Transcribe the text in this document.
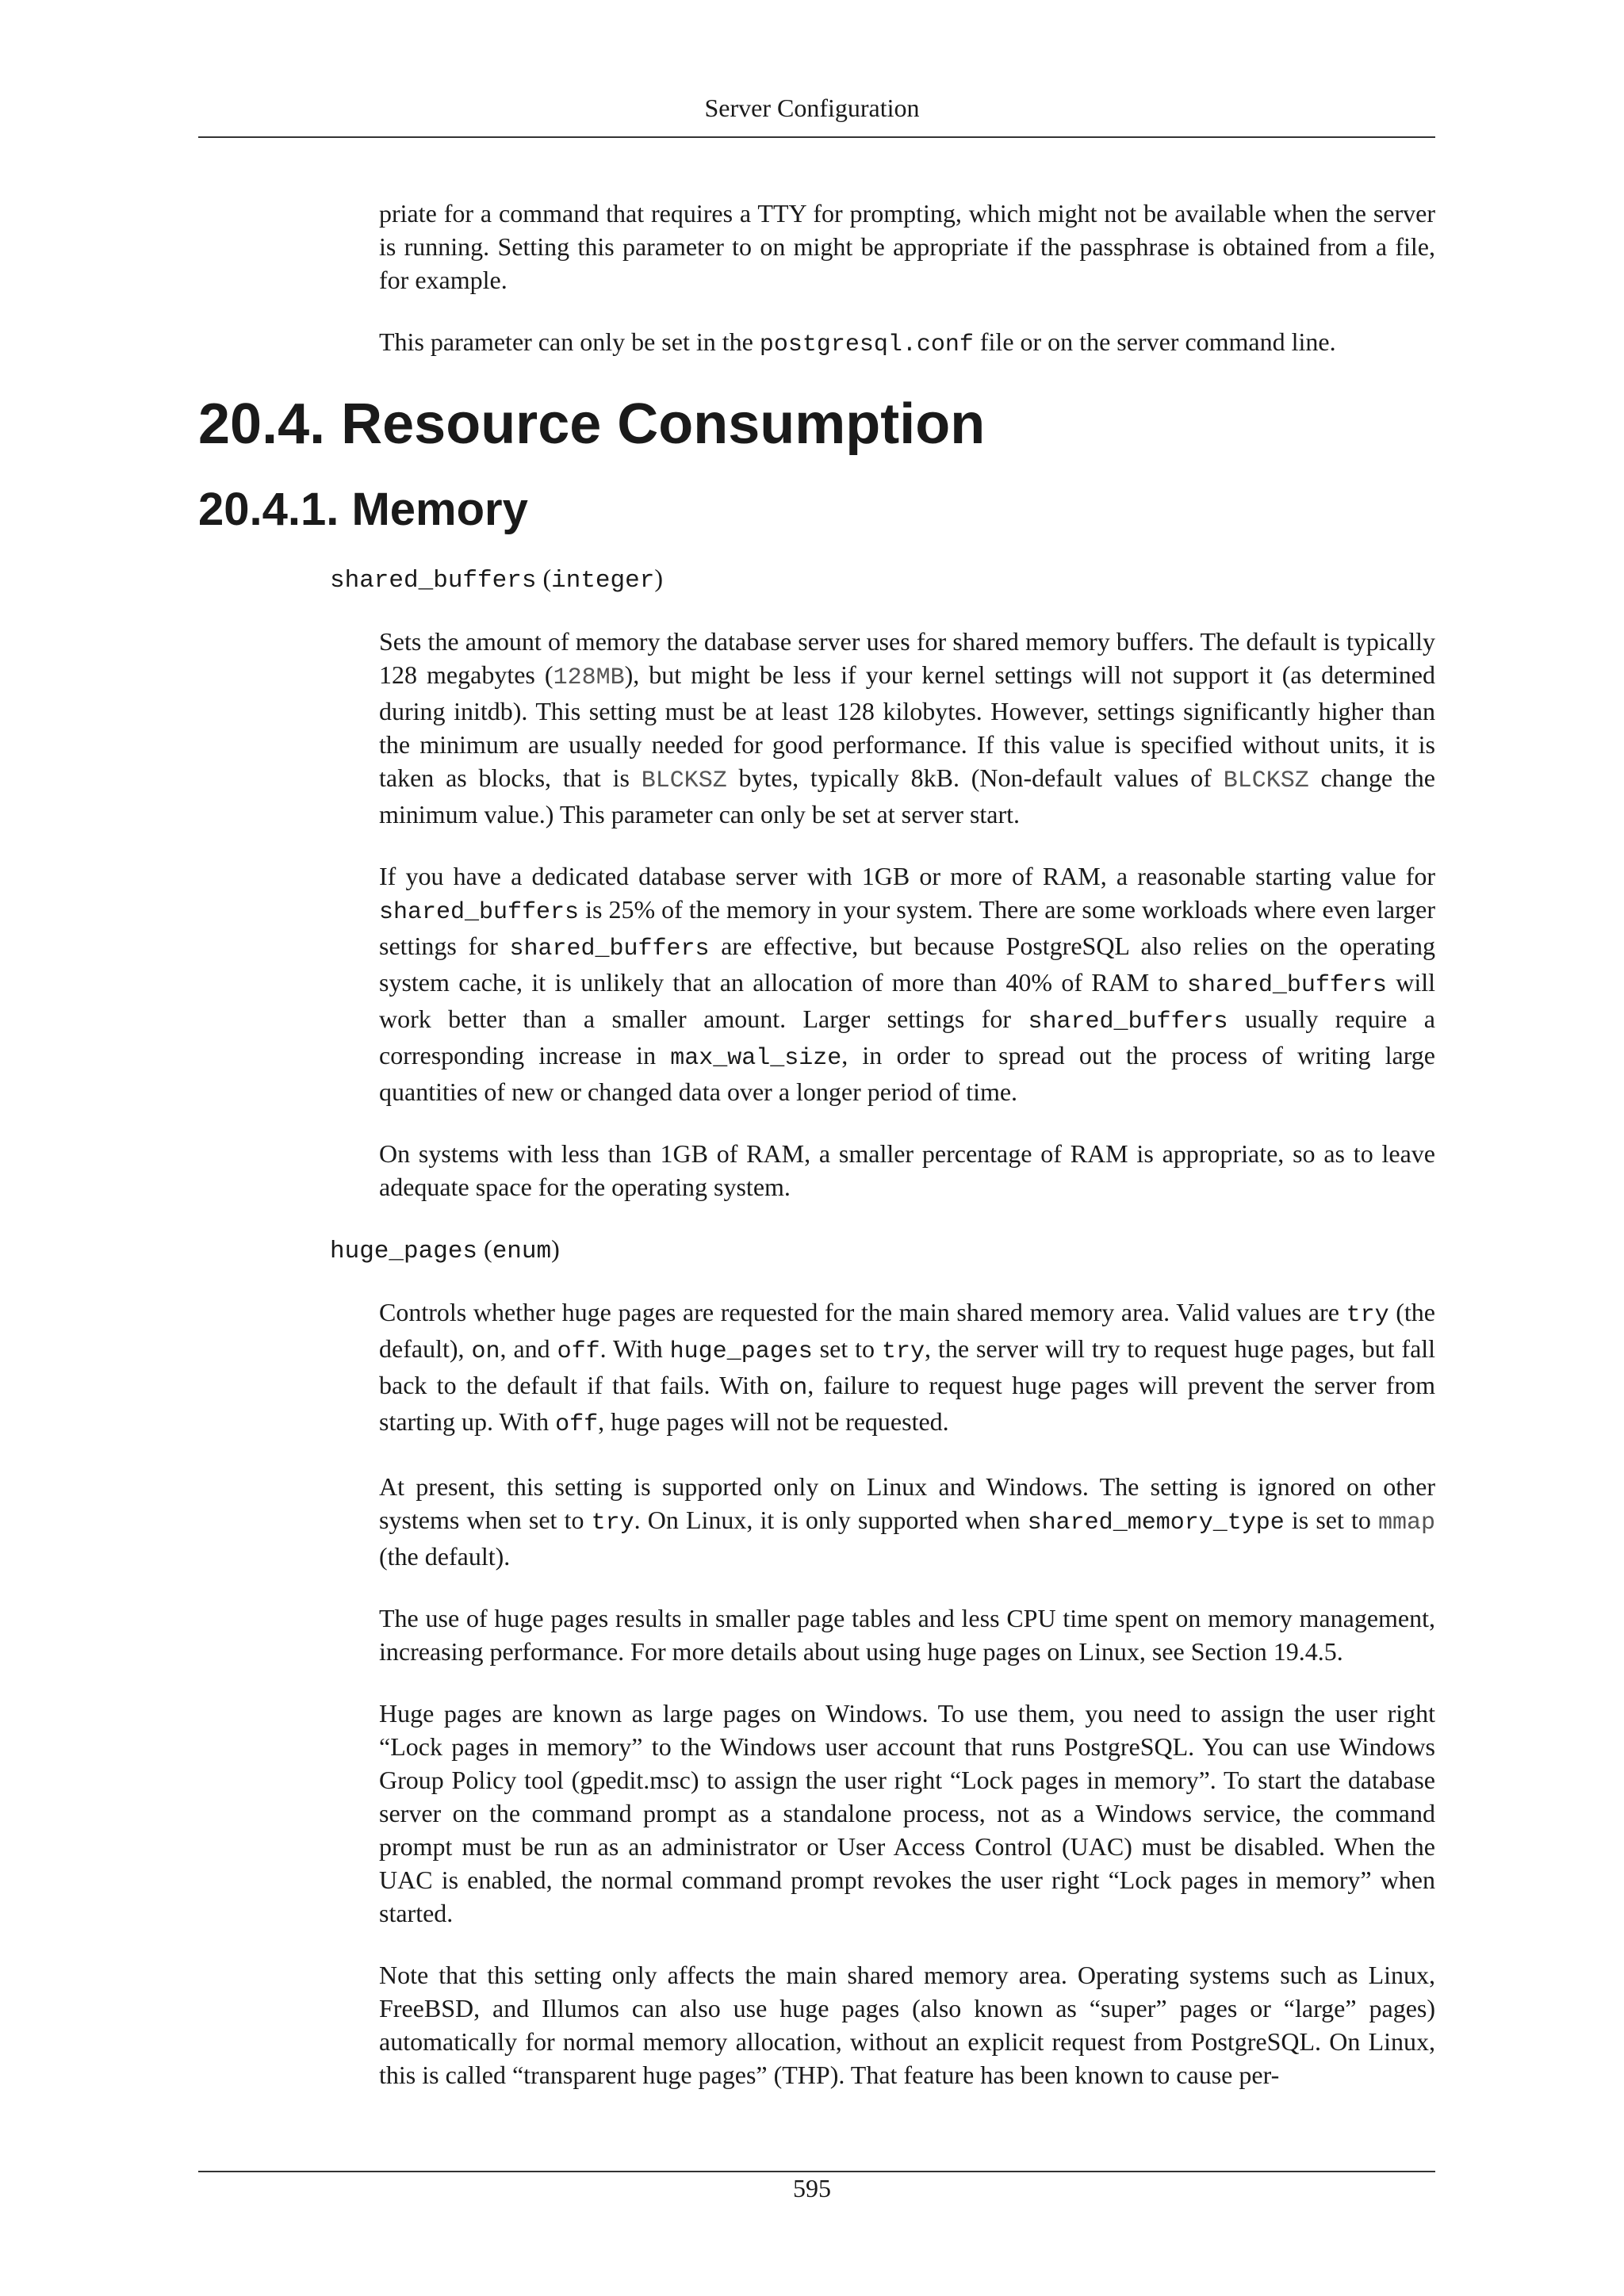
Server Configuration

priate for a command that requires a TTY for prompting, which might not be available when the server is running. Setting this parameter to on might be appropriate if the passphrase is obtained from a file, for example.

This parameter can only be set in the postgresql.conf file or on the server command line.

20.4. Resource Consumption
20.4.1. Memory
shared_buffers (integer)

Sets the amount of memory the database server uses for shared memory buffers. The default is typically 128 megabytes (128MB), but might be less if your kernel settings will not support it (as determined during initdb). This setting must be at least 128 kilobytes. However, settings significantly higher than the minimum are usually needed for good performance. If this value is specified without units, it is taken as blocks, that is BLCKSZ bytes, typically 8kB. (Non-default values of BLCKSZ change the minimum value.) This parameter can only be set at server start.

If you have a dedicated database server with 1GB or more of RAM, a reasonable starting value for shared_buffers is 25% of the memory in your system. There are some workloads where even larger settings for shared_buffers are effective, but because PostgreSQL also relies on the operating system cache, it is unlikely that an allocation of more than 40% of RAM to shared_buffers will work better than a smaller amount. Larger settings for shared_buffers usually require a corresponding increase in max_wal_size, in order to spread out the process of writing large quantities of new or changed data over a longer period of time.

On systems with less than 1GB of RAM, a smaller percentage of RAM is appropriate, so as to leave adequate space for the operating system.

huge_pages (enum)

Controls whether huge pages are requested for the main shared memory area. Valid values are try (the default), on, and off. With huge_pages set to try, the server will try to request huge pages, but fall back to the default if that fails. With on, failure to request huge pages will prevent the server from starting up. With off, huge pages will not be requested.

At present, this setting is supported only on Linux and Windows. The setting is ignored on other systems when set to try. On Linux, it is only supported when shared_memory_type is set to mmap (the default).

The use of huge pages results in smaller page tables and less CPU time spent on memory management, increasing performance. For more details about using huge pages on Linux, see Section 19.4.5.

Huge pages are known as large pages on Windows. To use them, you need to assign the user right “Lock pages in memory” to the Windows user account that runs PostgreSQL. You can use Windows Group Policy tool (gpedit.msc) to assign the user right “Lock pages in memory”. To start the database server on the command prompt as a standalone process, not as a Windows service, the command prompt must be run as an administrator or User Access Control (UAC) must be disabled. When the UAC is enabled, the normal command prompt revokes the user right “Lock pages in memory” when started.

Note that this setting only affects the main shared memory area. Operating systems such as Linux, FreeBSD, and Illumos can also use huge pages (also known as “super” pages or “large” pages) automatically for normal memory allocation, without an explicit request from PostgreSQL. On Linux, this is called “transparent huge pages” (THP). That feature has been known to cause per-

595
